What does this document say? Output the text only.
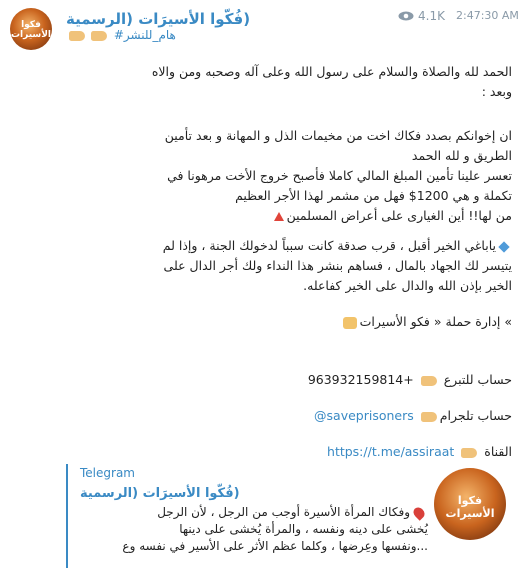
فكوا الأسيرات
(فُكّوا الأسيرَات (الرسمية
هام_للنشر#
4.1K 2:47:30 AM
الحمد لله والصلاة والسلام على رسول الله وعلى آله وصحبه ومن والاه
وبعد :
ان إخوانكم بصدد فكاك اخت من مخيمات الذل و المهانة و بعد تأمين
الطريق و لله الحمد
تعسر علينا تأمين المبلغ المالي كاملا فأصبح خروج الأخت مرهونا في
تكملة و هي 1200$ فهل من مشمر لهذا الأجر العظيم
من لها!! أين الغيارى على أعراض المسلمين
ياباغي الخير أقبل ، قرب صدقة كانت سبباً لدخولك الجنة ، وإذا لم
يتيسر لك الجهاد بالمال ، فساهم بنشر هذا النداء ولك أجر الدال على
الخير بإذن الله والدال على الخير كفاعله.
» إدارة حملة « فكو الأسيرات
حساب للتبرع  963932159814+
حساب تلجرام @saveprisoners
القناة  https://t.me/assiraat
Telegram
(فُكّوا الأسيرَات (الرسمية	فكوا الأسيرات
وفكاك المرأة الأسيرة أوجب من الرجل ، لأن الرجل
يُخشى على دينه ونفسه ، والمرأة يُخشى على دينها
...ونفسها وعِرضها ، وكلما عظم الأثر على الأسير في نفسه وع
